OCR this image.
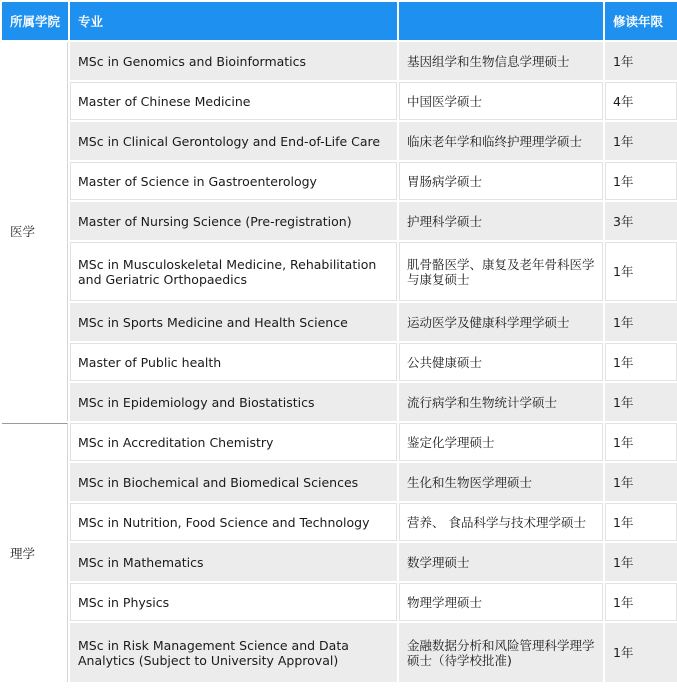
所属学院	专业		修读年限
医学	MSc in Genomics and Bioinformatics	基因组学和生物信息学理硕士	1年
	Master of Chinese Medicine	中国医学硕士	4年
	MSc in Clinical Gerontology and End-of-Life Care	临床老年学和临终护理理学硕士	1年
	Master of Science in Gastroenterology	胃肠病学硕士	1年
	Master of Nursing Science (Pre-registration)	护理科学硕士	3年
	MSc in Musculoskeletal Medicine, Rehabilitation and Geriatric Orthopaedics	肌骨骼医学、康复及老年骨科医学与康复硕士	1年
	MSc in Sports Medicine and Health Science	运动医学及健康科学理学硕士	1年
	Master of Public health	公共健康硕士	1年
	MSc in Epidemiology and Biostatistics	流行病学和生物统计学硕士	1年
理学	MSc in Accreditation Chemistry	鉴定化学理硕士	1年
	MSc in Biochemical and Biomedical Sciences	生化和生物医学理硕士	1年
	MSc in Nutrition, Food Science and Technology	营养、 食品科学与技术理学硕士	1年
	MSc in Mathematics	数学理硕士	1年
	MSc in Physics	物理学理硕士	1年
	MSc in Risk Management Science and Data Analytics (Subject to University Approval)	金融数据分析和风险管理科学理学硕士（待学校批准)	1年
